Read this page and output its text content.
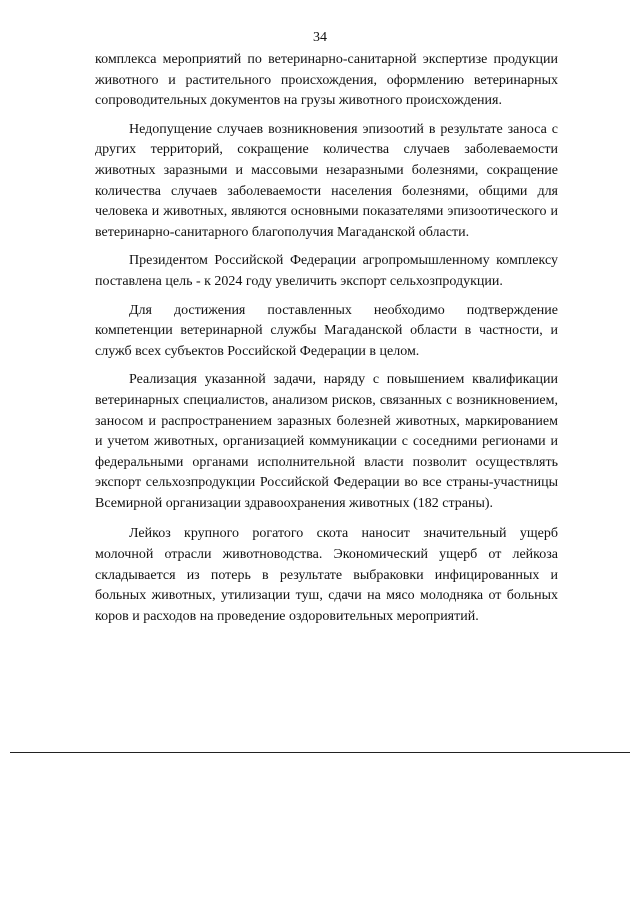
34

комплекса мероприятий по ветеринарно-санитарной экспертизе продукции животного и растительного происхождения, оформлению ветеринарных сопроводительных документов на грузы животного происхождения.

Недопущение случаев возникновения эпизоотий в результате заноса с других территорий, сокращение количества случаев заболеваемости животных заразными и массовыми незаразными болезнями, сокращение количества случаев заболеваемости населения болезнями, общими для человека и животных, являются основными показателями эпизоотического и ветеринарно-санитарного благополучия Магаданской области.

Президентом Российской Федерации агропромышленному комплексу поставлена цель - к 2024 году увеличить экспорт сельхозпродукции.

Для достижения поставленных необходимо подтверждение компетенции ветеринарной службы Магаданской области в частности, и служб всех субъектов Российской Федерации в целом.

Реализация указанной задачи, наряду с повышением квалификации ветеринарных специалистов, анализом рисков, связанных с возникновением, заносом и распространением заразных болезней животных, маркированием и учетом животных, организацией коммуникации с соседними регионами и федеральными органами исполнительной власти позволит осуществлять экспорт сельхозпродукции Российской Федерации во все страны-участницы Всемирной организации здравоохранения животных (182 страны).

Лейкоз крупного рогатого скота наносит значительный ущерб молочной отрасли животноводства. Экономический ущерб от лейкоза складывается из потерь в результате выбраковки инфицированных и больных животных, утилизации туш, сдачи на мясо молодняка от больных коров и расходов на проведение оздоровительных мероприятий.
